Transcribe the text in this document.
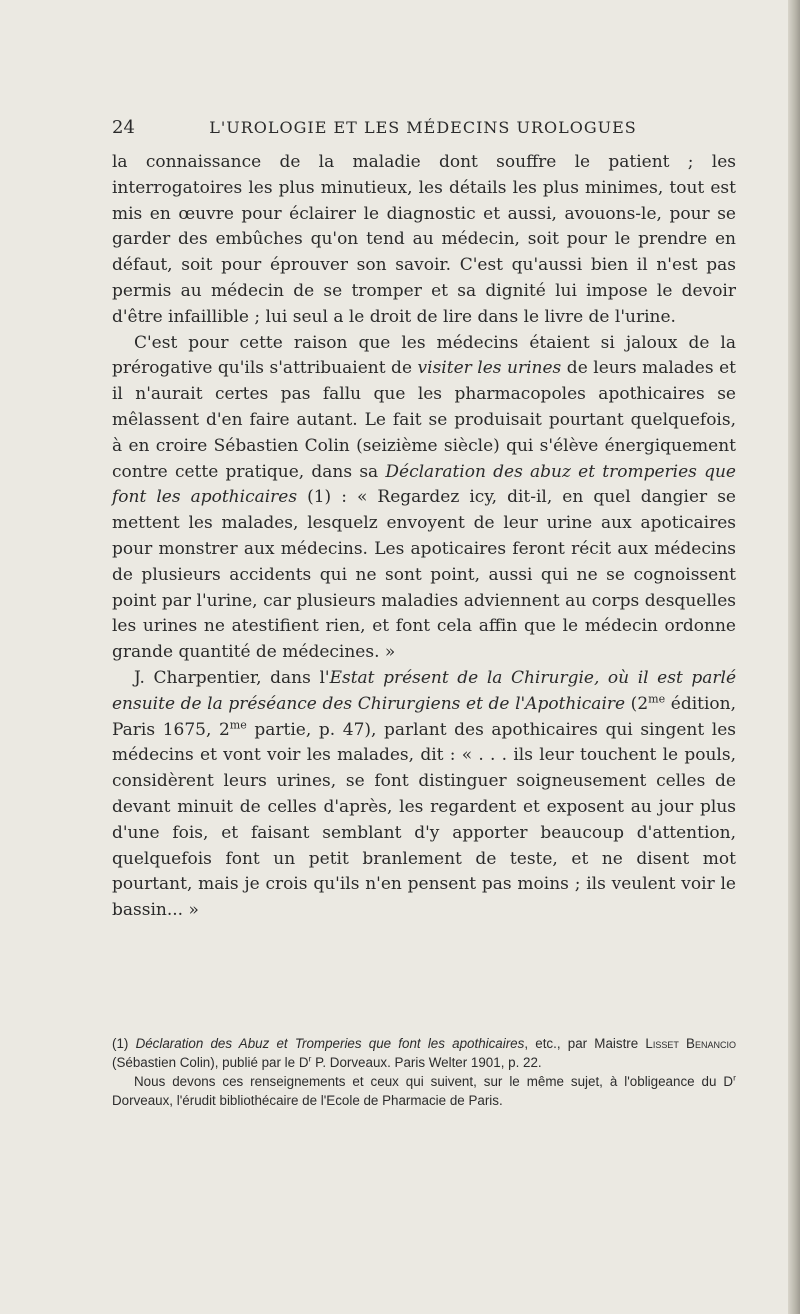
24	L'UROLOGIE ET LES MÉDECINS UROLOGUES

la connaissance de la maladie dont souffre le patient ; les interrogatoires les plus minutieux, les détails les plus minimes, tout est mis en œuvre pour éclairer le diagnostic et aussi, avouons-le, pour se garder des embûches qu'on tend au médecin, soit pour le prendre en défaut, soit pour éprouver son savoir. C'est qu'aussi bien il n'est pas permis au médecin de se tromper et sa dignité lui impose le devoir d'être infaillible ; lui seul a le droit de lire dans le livre de l'urine.

C'est pour cette raison que les médecins étaient si jaloux de la prérogative qu'ils s'attribuaient de visiter les urines de leurs malades et il n'aurait certes pas fallu que les pharmacopoles apothicaires se mêlassent d'en faire autant. Le fait se produisait pourtant quelquefois, à en croire Sébastien Colin (seizième siècle) qui s'élève énergiquement contre cette pratique, dans sa Déclaration des abuz et tromperies que font les apothicaires (1) : « Regardez icy, dit-il, en quel dangier se mettent les malades, lesquelz envoyent de leur urine aux apoticaires pour monstrer aux médecins. Les apoticaires feront récit aux médecins de plusieurs accidents qui ne sont point, aussi qui ne se cognoissent point par l'urine, car plusieurs maladies adviennent au corps desquelles les urines ne atestifient rien, et font cela affin que le médecin ordonne grande quantité de médecines. »

J. Charpentier, dans l'Estat présent de la Chirurgie, où il est parlé ensuite de la préséance des Chirurgiens et de l'Apothicaire ($2^{me}$ édition, Paris 1675, $2^{me}$ partie, p. 47), parlant des apothicaires qui singent les médecins et vont voir les malades, dit : « . . . ils leur touchent le pouls, considèrent leurs urines, se font distinguer soigneusement celles de devant minuit de celles d'après, les regardent et exposent au jour plus d'une fois, et faisant semblant d'y apporter beaucoup d'attention, quelquefois font un petit branlement de teste, et ne disent mot pourtant, mais je crois qu'ils n'en pensent pas moins ; ils veulent voir le bassin... »

(1) Déclaration des Abuz et Tromperies que font les apothicaires, etc., par Maistre Lisset Benancio (Sébastien Colin), publié par le $D^r$ P. Dorveaux. Paris Welter 1901, p. 22.

Nous devons ces renseignements et ceux qui suivent, sur le même sujet, à l'obligeance du $D^r$ Dorveaux, l'érudit bibliothécaire de l'Ecole de Pharmacie de Paris.
